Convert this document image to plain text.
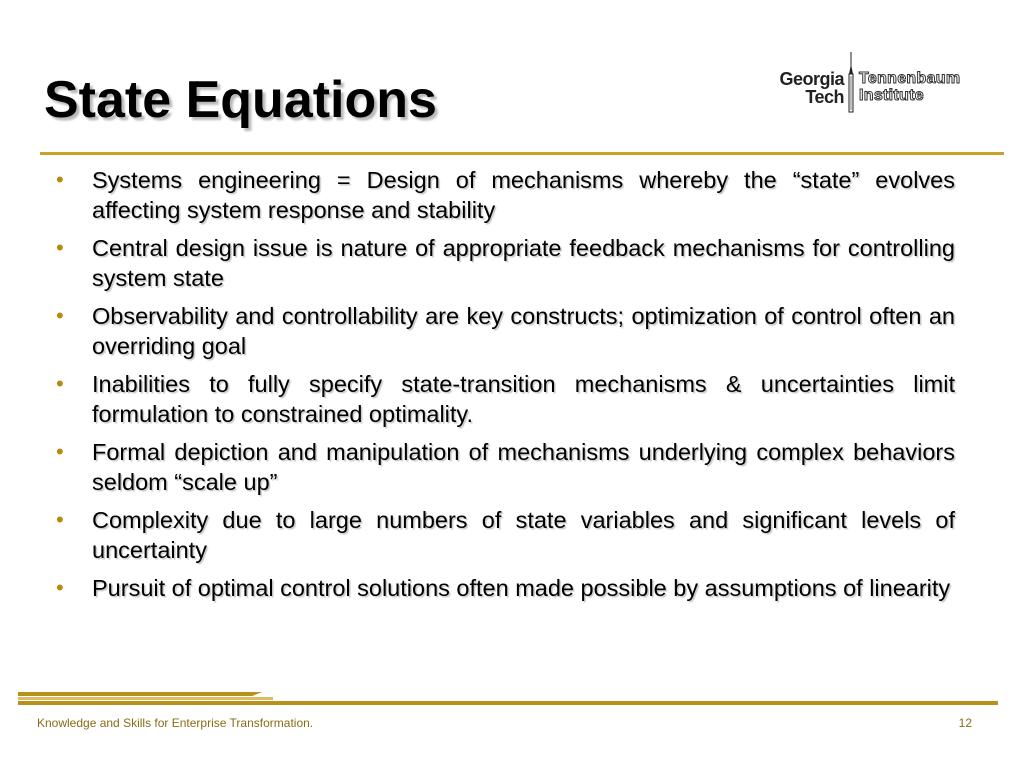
State Equations	Georgia
Tech
Tennenbaum
Institute
• Systems engineering = Design of mechanisms whereby the “state” evolves affecting system response and stability
• Central design issue is nature of appropriate feedback mechanisms for controlling system state
• Observability and controllability are key constructs; optimization of control often an overriding goal
• Inabilities to fully specify state-transition mechanisms & uncertainties limit formulation to constrained optimality.
• Formal depiction and manipulation of mechanisms underlying complex behaviors seldom “scale up”
• Complexity due to large numbers of state variables and significant levels of uncertainty
• Pursuit of optimal control solutions often made possible by assumptions of linearity
Knowledge and Skills for Enterprise Transformation.	12
